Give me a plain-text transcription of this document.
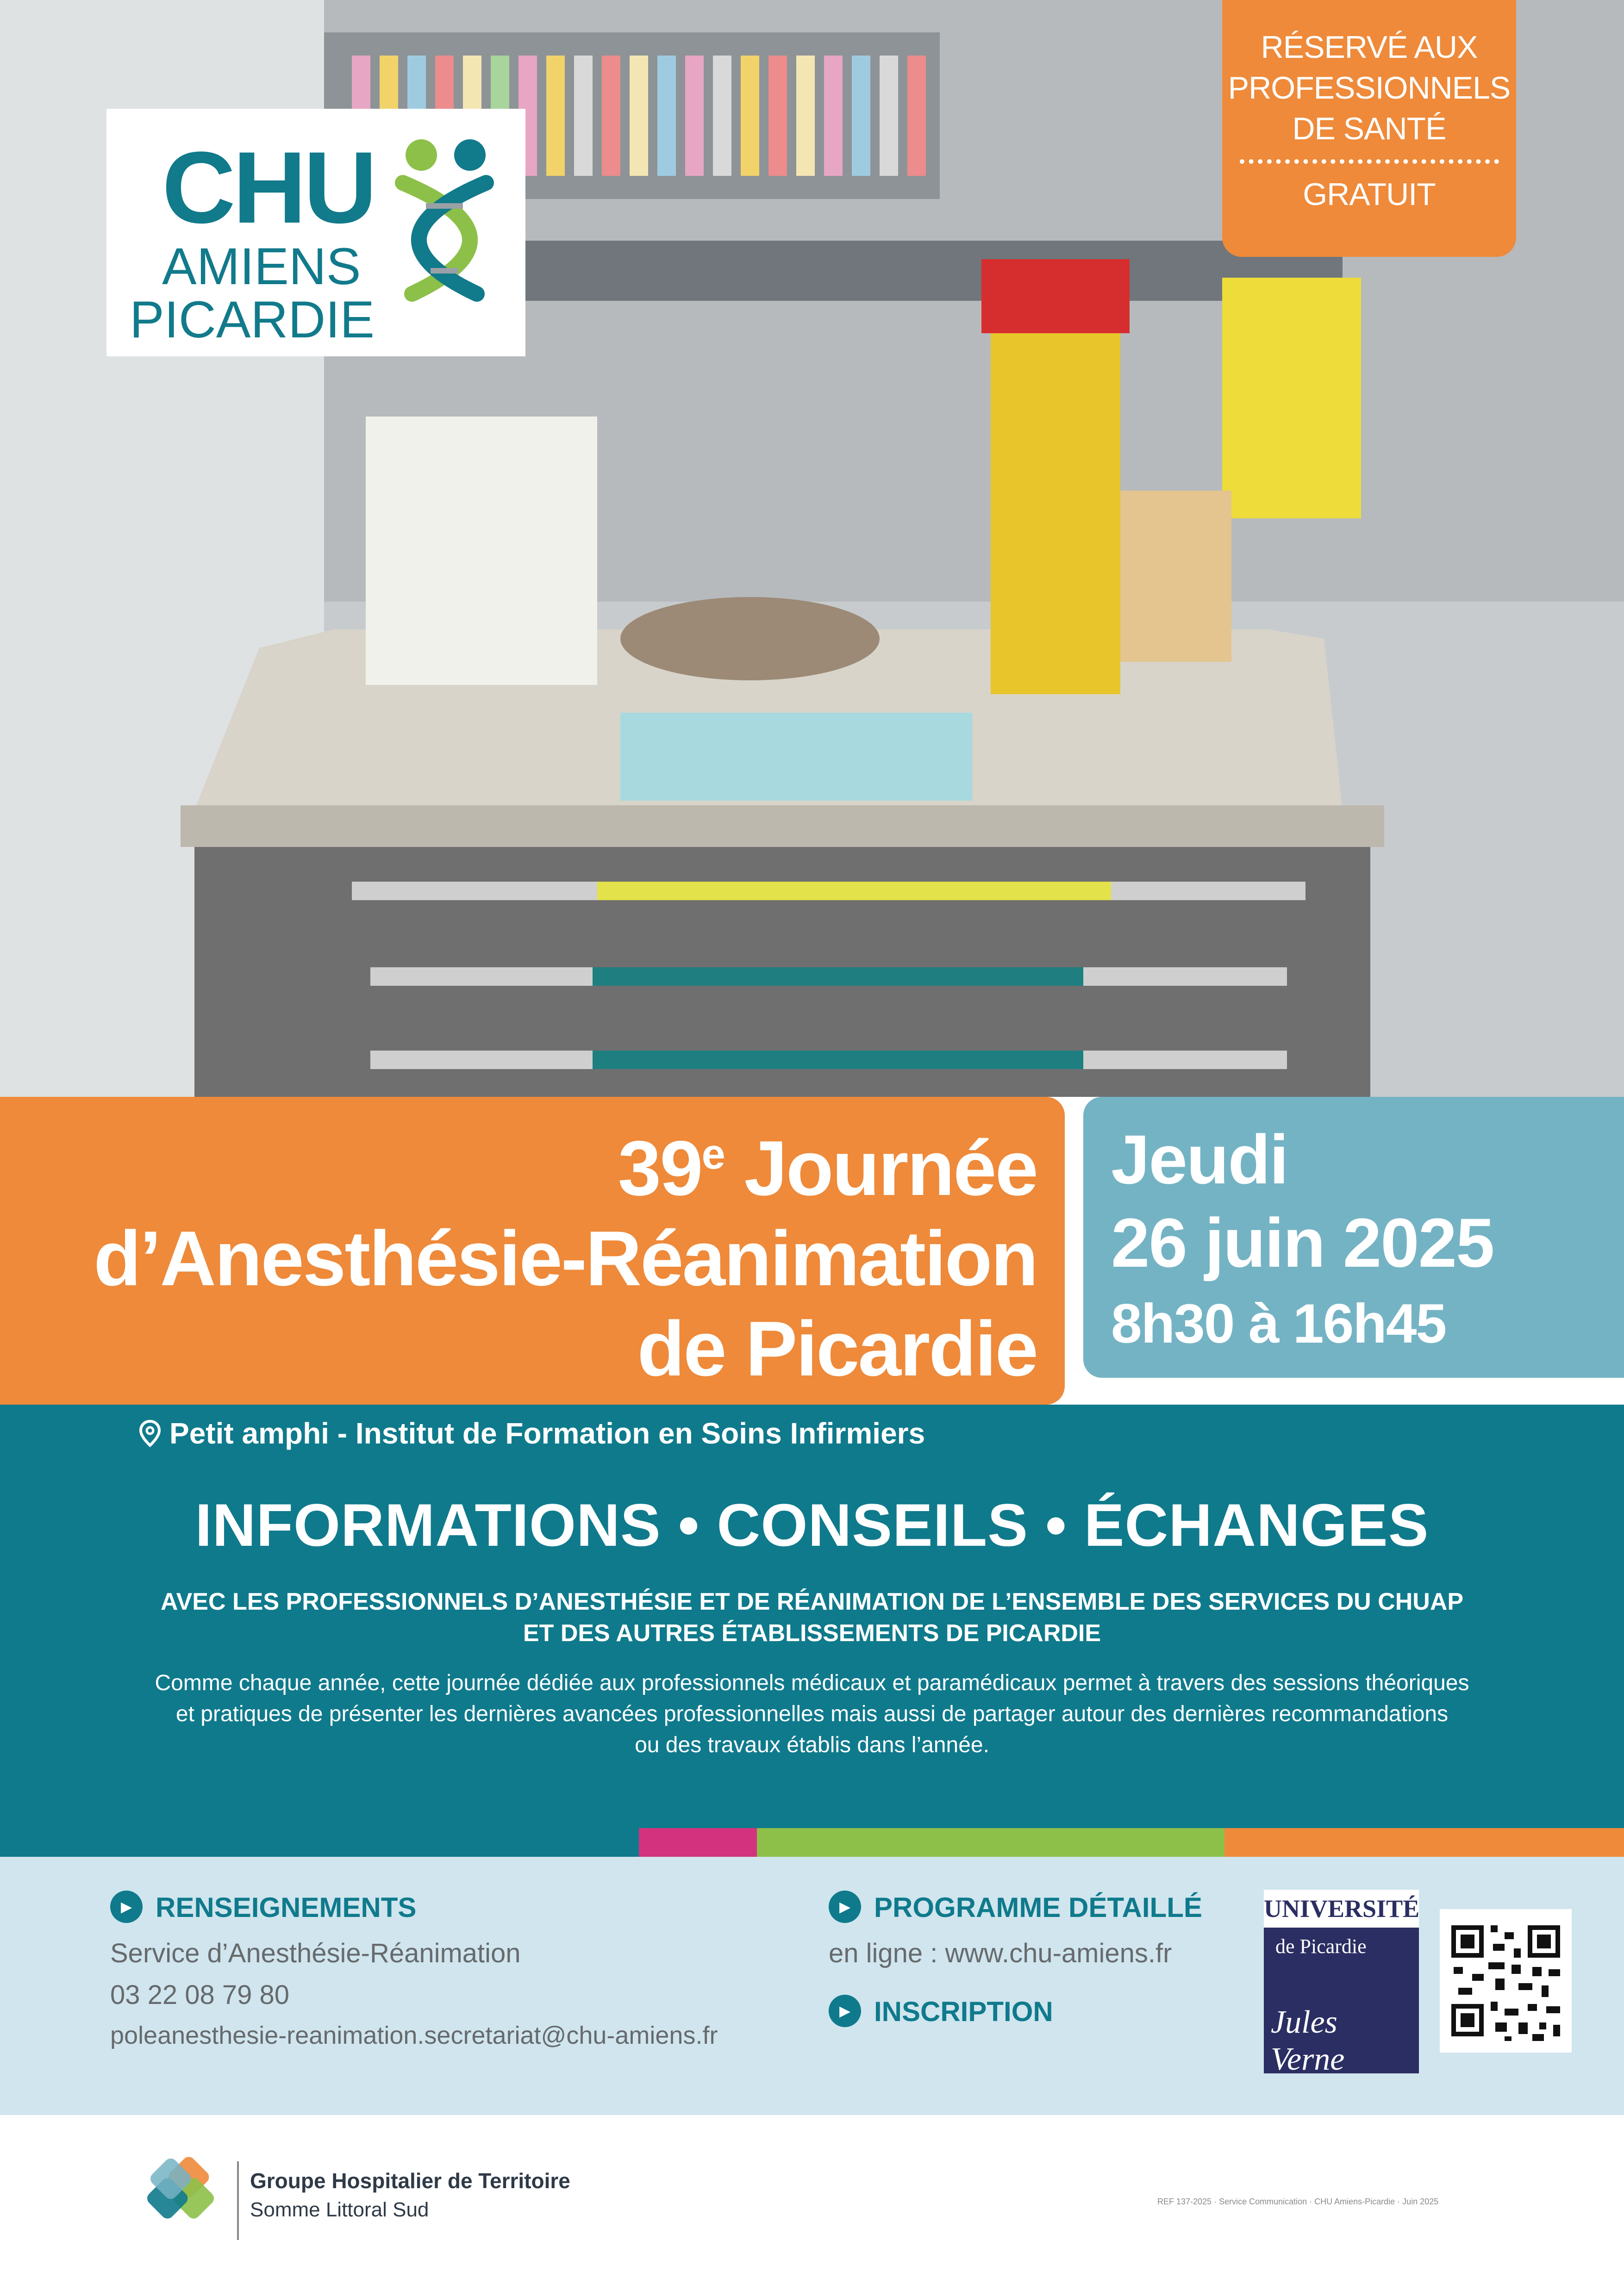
CHU
AMIENS
PICARDIE
RÉSERVÉ AUX
PROFESSIONNELS
DE SANTÉ
GRATUIT
39e Journée
d’Anesthésie-Réanimation
de Picardie
Jeudi
26 juin 2025
8h30 à 16h45
Petit amphi - Institut de Formation en Soins Infirmiers
INFORMATIONS • CONSEILS • ÉCHANGES
AVEC LES PROFESSIONNELS D’ANESTHÉSIE ET DE RÉANIMATION DE L’ENSEMBLE DES SERVICES DU CHUAP
ET DES AUTRES ÉTABLISSEMENTS DE PICARDIE
Comme chaque année, cette journée dédiée aux professionnels médicaux et paramédicaux permet à travers des sessions théoriques
et pratiques de présenter les dernières avancées professionnelles mais aussi de partager autour des dernières recommandations
ou des travaux établis dans l’année.
▸RENSEIGNEMENTS
Service d’Anesthésie-Réanimation
03 22 08 79 80
poleanesthesie-reanimation.secretariat@chu-amiens.fr
▸PROGRAMME DÉTAILLÉ
en ligne : www.chu-amiens.fr
▸INSCRIPTION
UNIVERSITÉ
de Picardie
Jules Verne
Groupe Hospitalier de Territoire
Somme Littoral Sud	REF 137-2025 · Service Communication · CHU Amiens-Picardie · Juin 2025
